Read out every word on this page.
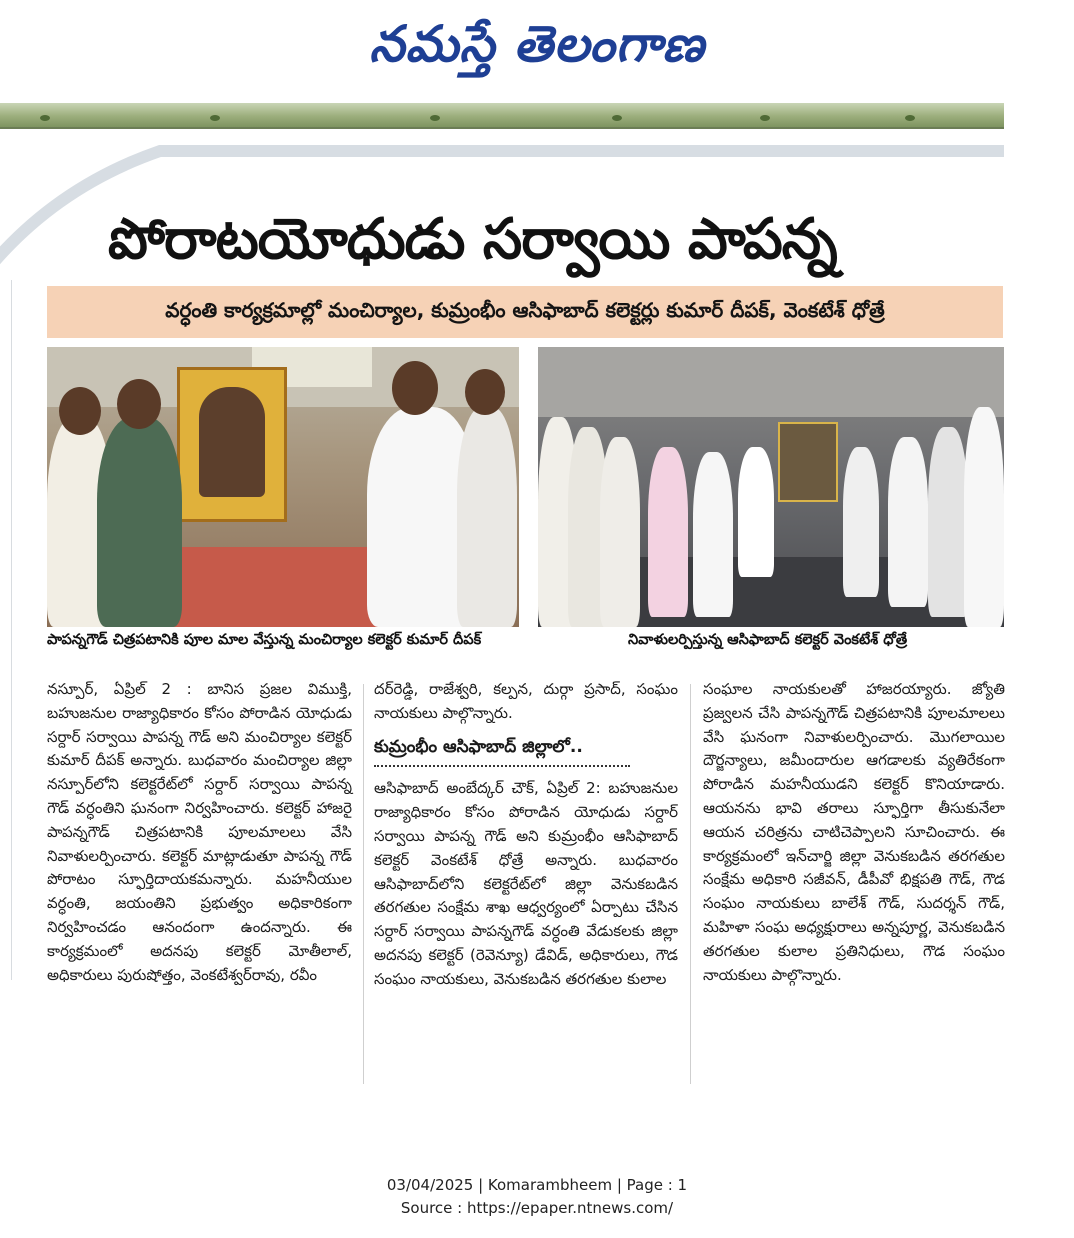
నమస్తే తెలంగాణ
పోరాటయోధుడు సర్వాయి పాపన్న
వర్ధంతి కార్యక్రమాల్లో మంచిర్యాల, కుమ్రంభీం ఆసిఫాబాద్ కలెక్టర్లు కుమార్ దీపక్, వెంకటేశ్ ధోత్రే
పాపన్నగౌడ్ చిత్రపటానికి పూల మాల వేస్తున్న మంచిర్యాల కలెక్టర్ కుమార్ దీపక్	నివాళులర్పిస్తున్న ఆసిఫాబాద్ కలెక్టర్ వెంకటేశ్ ధోత్రే

నస్పూర్, ఏప్రిల్ 2 : బానిస ప్రజల విముక్తి, బహుజనుల రాజ్యాధికారం కోసం పోరాడిన యోధుడు సర్దార్ సర్వాయి పాపన్న గౌడ్ అని మంచిర్యాల కలెక్టర్ కుమార్ దీపక్ అన్నారు. బుధవారం మంచిర్యాల జిల్లా నస్పూర్‌లోని కలెక్టరేట్‌లో సర్దార్ సర్వాయి పాపన్న గౌడ్ వర్ధంతిని ఘనంగా నిర్వహించారు. కలెక్టర్ హాజరై పాపన్నగౌడ్ చిత్రపటానికి పూలమాలలు వేసి నివాళులర్పించారు. కలెక్టర్ మాట్లాడుతూ పాపన్న గౌడ్ పోరాటం స్ఫూర్తిదాయకమన్నారు. మహనీయుల వర్ధంతి, జయంతిని ప్రభుత్వం అధికారికంగా నిర్వహించడం ఆనందంగా ఉందన్నారు. ఈ కార్యక్రమంలో అదనపు కలెక్టర్ మోతీలాల్, అధికారులు పురుషోత్తం, వెంకటేశ్వర్‌రావు, రవీం

దర్‌రెడ్డి, రాజేశ్వరి, కల్పన, దుర్గా ప్రసాద్, సంఘం నాయకులు పాల్గొన్నారు.

కుమ్రంభీం ఆసిఫాబాద్ జిల్లాలో..

ఆసిఫాబాద్ అంబేద్కర్ చౌక్, ఏప్రిల్ 2: బహుజనుల రాజ్యాధికారం కోసం పోరాడిన యోధుడు సర్దార్ సర్వాయి పాపన్న గౌడ్ అని కుమ్రంభీం ఆసిఫాబాద్ కలెక్టర్ వెంకటేశ్ ధోత్రే అన్నారు. బుధవారం ఆసిఫాబాద్‌లోని కలెక్టరేట్‌లో జిల్లా వెనుకబడిన తరగతుల సంక్షేమ శాఖ ఆధ్వర్యంలో ఏర్పాటు చేసిన సర్దార్ సర్వాయి పాపన్నగౌడ్ వర్ధంతి వేడుకలకు జిల్లా అదనపు కలెక్టర్ (రెవెన్యూ) డేవిడ్, అధికారులు, గౌడ సంఘం నాయకులు, వెనుకబడిన తరగతుల కులాల

సంఘాల నాయకులతో హాజరయ్యారు. జ్యోతి ప్రజ్వలన చేసి పాపన్నగౌడ్ చిత్రపటానికి పూలమాలలు వేసి ఘనంగా నివాళులర్పించారు. మొగలాయిల దౌర్జన్యాలు, జమీందారుల ఆగడాలకు వ్యతిరేకంగా పోరాడిన మహనీయుడని కలెక్టర్ కొనియాడారు. ఆయనను భావి తరాలు స్ఫూర్తిగా తీసుకునేలా ఆయన చరిత్రను చాటిచెప్పాలని సూచించారు. ఈ కార్యక్రమంలో ఇన్‌చార్జి జిల్లా వెనుకబడిన తరగతుల సంక్షేమ అధికారి సజీవన్, డీపీవో భిక్షపతి గౌడ్, గౌడ సంఘం నాయకులు బాలేశ్ గౌడ్, సుదర్శన్ గౌడ్, మహిళా సంఘ అధ్యక్షురాలు అన్నపూర్ణ, వెనుకబడిన తరగతుల కులాల ప్రతినిధులు, గౌడ సంఘం నాయకులు పాల్గొన్నారు.

03/04/2025 | Komarambheem | Page : 1
Source : https://epaper.ntnews.com/
